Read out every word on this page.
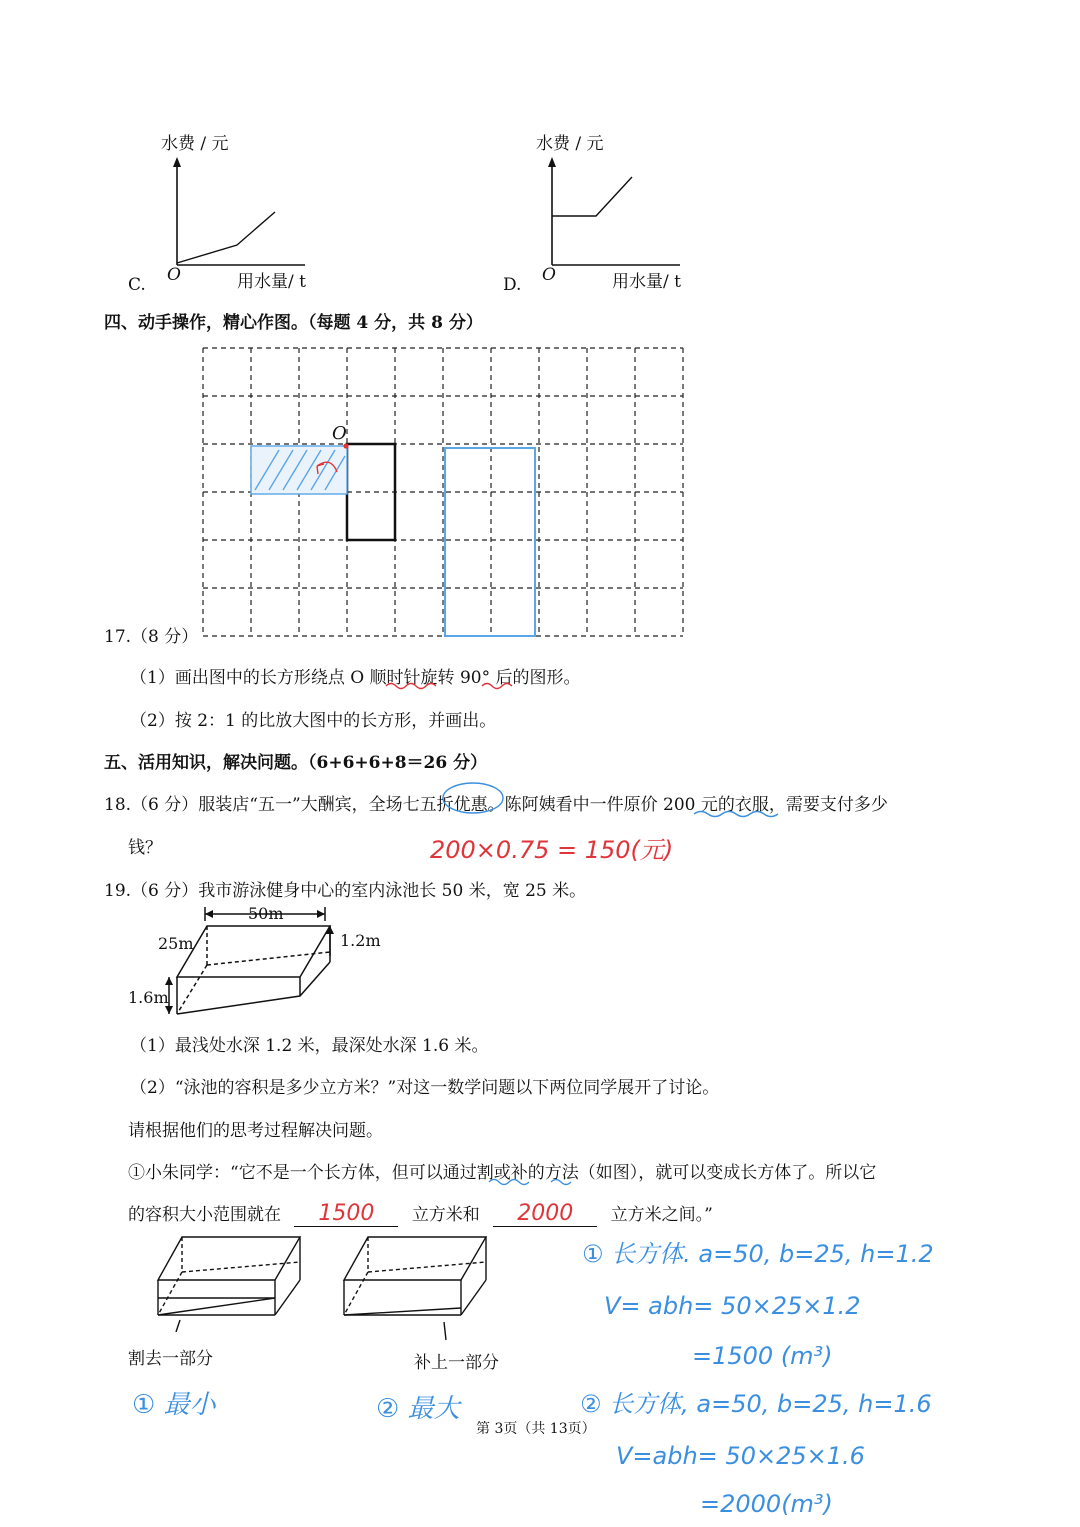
水费 / 元
O	用水量/ t
C.
水费 / 元
O	用水量/ t
D.
四、动手操作，精心作图。（每题 4 分，共 8 分）
O
17.（8 分）
（1）画出图中的长方形绕点 O 顺时针旋转 90° 后的图形。
（2）按 2：1 的比放大图中的长方形，并画出。
五、活用知识，解决问题。（6+6+6+8＝26 分）
18.（6 分）服装店“五一”大酬宾，全场七五折优惠。陈阿姨看中一件原价 200 元的衣服，需要支付多少
钱？	200×0.75 = 150(元)
19.（6 分）我市游泳健身中心的室内泳池长 50 米，宽 25 米。
50m
25m	1.2m
1.6m
（1）最浅处水深 1.2 米，最深处水深 1.6 米。
（2）“泳池的容积是多少立方米？”对这一数学问题以下两位同学展开了讨论。
请根据他们的思考过程解决问题。
①小朱同学：“它不是一个长方体，但可以通过割或补的方法（如图），就可以变成长方体了。所以它
的容积大小范围就在 1500 立方米和 2000 立方米之间。”
割去一部分	补上一部分
① 最小	② 最大
① 长方体. a=50, b=25, h=1.2
V= abh= 50×25×1.2
=1500 (m³)
② 长方体, a=50, b=25, h=1.6
V=abh= 50×25×1.6
=2000(m³)
第 3页（共 13页）
